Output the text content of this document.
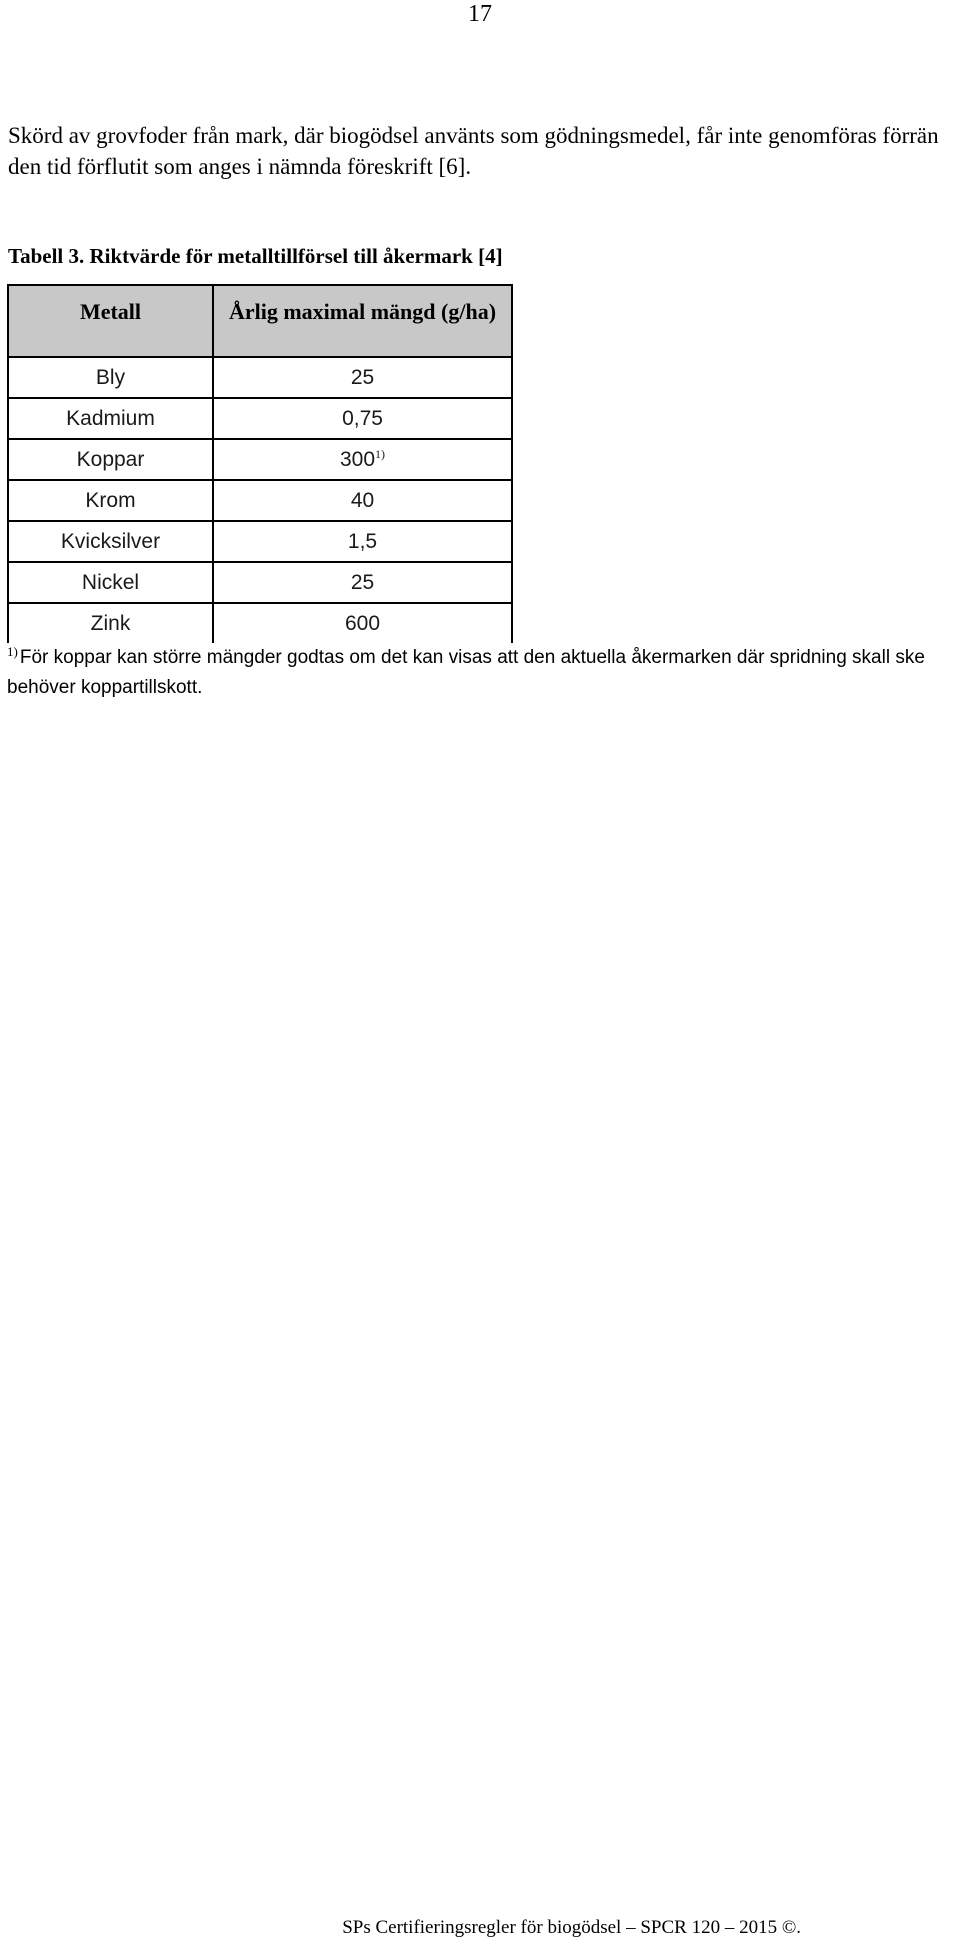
17

Skörd av grovfoder från mark, där biogödsel använts som gödningsmedel, får inte genomföras förrän den tid förflutit som anges i nämnda föreskrift [6].

Tabell 3. Riktvärde för metalltillförsel till åkermark [4]

Metall	Årlig maximal mängd (g/ha)
Bly	25
Kadmium	0,75
Koppar	300$^{1)}$
Krom	40
Kvicksilver	1,5
Nickel	25
Zink	600

$^{1)}$ För koppar kan större mängder godtas om det kan visas att den aktuella åkermarken där spridning skall ske behöver koppartillskott.

SPs Certifieringsregler för biogödsel – SPCR 120 – 2015 ©.
